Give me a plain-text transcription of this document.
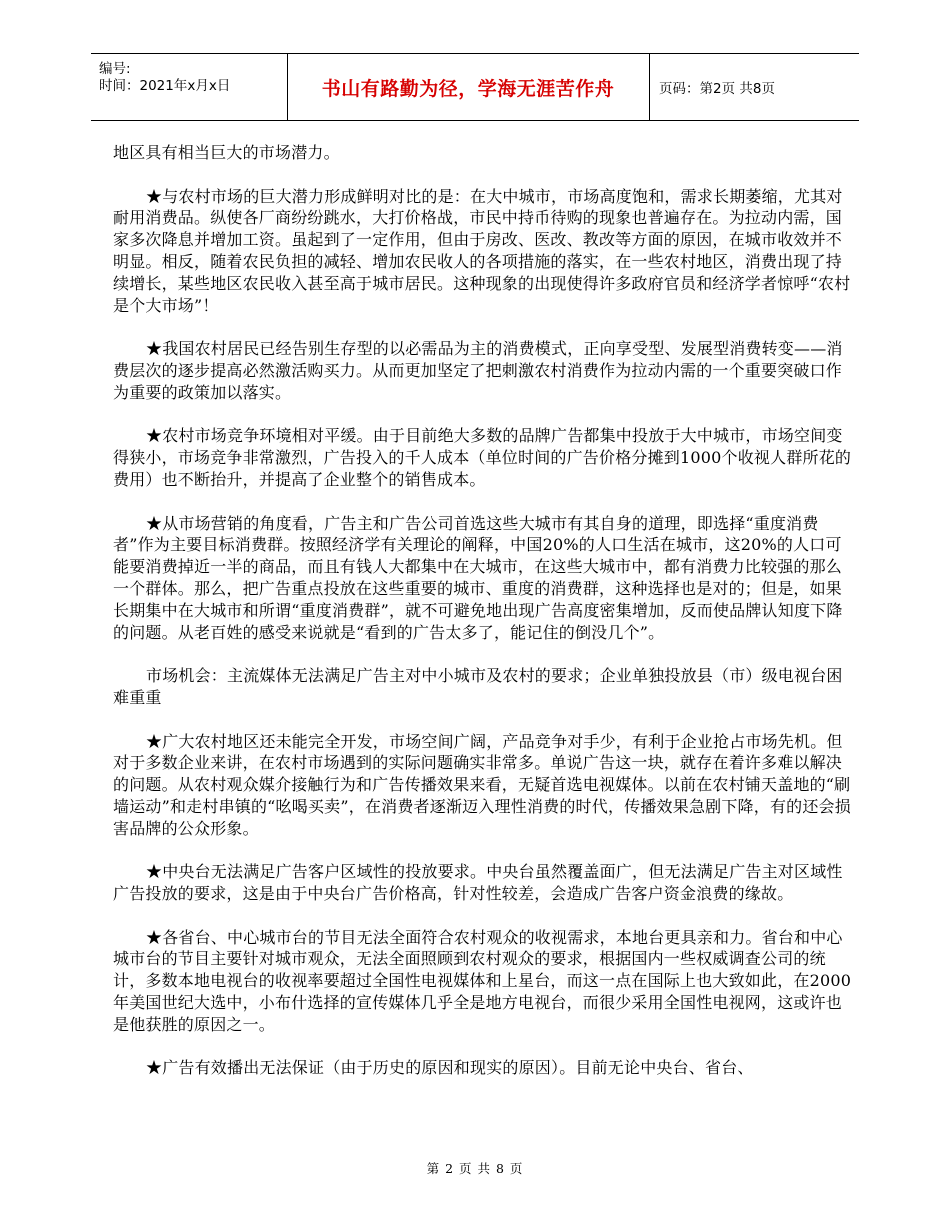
编号:
时间：2021年x月x日	书山有路勤为径，学海无涯苦作舟	页码：第2页 共8页

地区具有相当巨大的市场潜力。

★与农村市场的巨大潜力形成鲜明对比的是：在大中城市，市场高度饱和，需求长期萎缩，尤其对耐用消费品。纵使各厂商纷纷跳水，大打价格战，市民中持币待购的现象也普遍存在。为拉动内需，国家多次降息并增加工资。虽起到了一定作用，但由于房改、医改、教改等方面的原因，在城市收效并不明显。相反，随着农民负担的减轻、增加农民收人的各项措施的落实，在一些农村地区，消费出现了持续增长，某些地区农民收入甚至高于城市居民。这种现象的出现使得许多政府官员和经济学者惊呼“农村是个大市场”！

★我国农村居民已经告别生存型的以必需品为主的消费模式，正向享受型、发展型消费转变——消费层次的逐步提高必然激活购买力。从而更加坚定了把刺激农村消费作为拉动内需的一个重要突破口作为重要的政策加以落实。

★农村市场竞争环境相对平缓。由于目前绝大多数的品牌广告都集中投放于大中城市，市场空间变得狭小，市场竞争非常激烈，广告投入的千人成本（单位时间的广告价格分摊到1000个收视人群所花的费用）也不断抬升，并提高了企业整个的销售成本。

★从市场营销的角度看，广告主和广告公司首选这些大城市有其自身的道理，即选择“重度消费者”作为主要目标消费群。按照经济学有关理论的阐释，中国20%的人口生活在城市，这20%的人口可能要消费掉近一半的商品，而且有钱人大都集中在大城市，在这些大城市中，都有消费力比较强的那么一个群体。那么，把广告重点投放在这些重要的城市、重度的消费群，这种选择也是对的；但是，如果长期集中在大城市和所谓“重度消费群”，就不可避免地出现广告高度密集增加，反而使品牌认知度下降的问题。从老百姓的感受来说就是“看到的广告太多了，能记住的倒没几个”。

市场机会：主流媒体无法满足广告主对中小城市及农村的要求；企业单独投放县（市）级电视台困难重重

★广大农村地区还未能完全开发，市场空间广阔，产品竞争对手少，有利于企业抢占市场先机。但对于多数企业来讲，在农村市场遇到的实际问题确实非常多。单说广告这一块，就存在着许多难以解决的问题。从农村观众媒介接触行为和广告传播效果来看，无疑首选电视媒体。以前在农村铺天盖地的“刷墙运动”和走村串镇的“吆喝买卖”，在消费者逐渐迈入理性消费的时代，传播效果急剧下降，有的还会损害品牌的公众形象。

★中央台无法满足广告客户区域性的投放要求。中央台虽然覆盖面广，但无法满足广告主对区域性广告投放的要求，这是由于中央台广告价格高，针对性较差，会造成广告客户资金浪费的缘故。

★各省台、中心城市台的节目无法全面符合农村观众的收视需求，本地台更具亲和力。省台和中心城市台的节目主要针对城市观众，无法全面照顾到农村观众的要求，根据国内一些权威调查公司的统计，多数本地电视台的收视率要超过全国性电视媒体和上星台，而这一点在国际上也大致如此，在2000年美国世纪大选中，小布什选择的宣传媒体几乎全是地方电视台，而很少采用全国性电视网，这或许也是他获胜的原因之一。

★广告有效播出无法保证（由于历史的原因和现实的原因）。目前无论中央台、省台、

第 2 页 共 8 页
